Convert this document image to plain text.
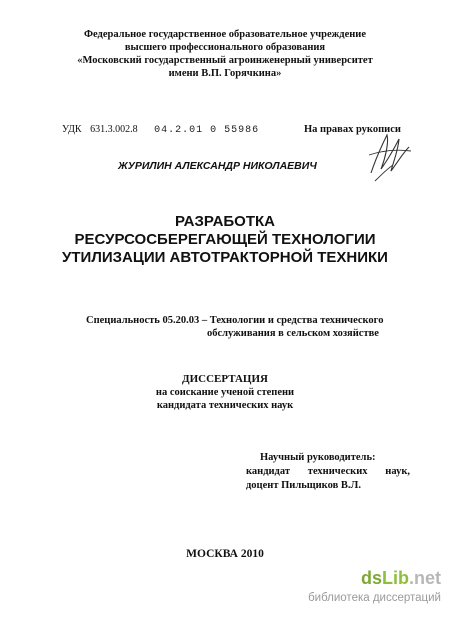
Федеральное государственное образовательное учреждение
высшего профессионального образования
«Московский государственный агроинженерный университет
имени В.П. Горячкина»
УДК 631.3.002.8 04.2.01 0 55986	На правах рукописи
ЖУРИЛИН АЛЕКСАНДР НИКОЛАЕВИЧ
РАЗРАБОТКА
РЕСУРСОСБЕРЕГАЮЩЕЙ ТЕХНОЛОГИИ
УТИЛИЗАЦИИ АВТОТРАКТОРНОЙ ТЕХНИКИ
Специальность 05.20.03 – Технологии и средства технического
обслуживания в сельском хозяйстве
ДИССЕРТАЦИЯ
на соискание ученой степени
кандидата технических наук
Научный руководитель:
кандидат технических наук,
доцент Пильщиков В.Л.
МОСКВА 2010
dsLib.net
библиотека диссертаций
